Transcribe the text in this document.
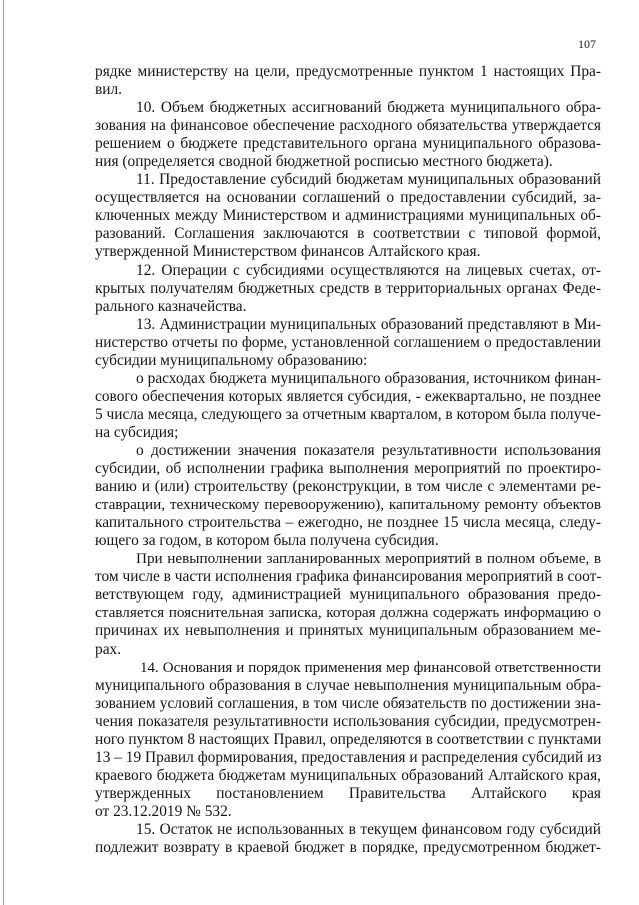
107
рядке министерству на цели, предусмотренные пунктом 1 настоящих Пра-
вил.
10. Объем бюджетных ассигнований бюджета муниципального обра-
зования на финансовое обеспечение расходного обязательства утверждается
решением о бюджете представительного органа муниципального образова-
ния (определяется сводной бюджетной росписью местного бюджета).
11. Предоставление субсидий бюджетам муниципальных образований
осуществляется на основании соглашений о предоставлении субсидий, за-
ключенных между Министерством и администрациями муниципальных об-
разований. Соглашения заключаются в соответствии с типовой формой,
утвержденной Министерством финансов Алтайского края.
12. Операции с субсидиями осуществляются на лицевых счетах, от-
крытых получателям бюджетных средств в территориальных органах Феде-
рального казначейства.
13. Администрации муниципальных образований представляют в Ми-
нистерство отчеты по форме, установленной соглашением о предоставлении
субсидии муниципальному образованию:
о расходах бюджета муниципального образования, источником финан-
сового обеспечения которых является субсидия, - ежеквартально, не позднее
5 числа месяца, следующего за отчетным кварталом, в котором была получе-
на субсидия;
о достижении значения показателя результативности использования
субсидии, об исполнении графика выполнения мероприятий по проектиро-
ванию и (или) строительству (реконструкции, в том числе с элементами ре-
ставрации, техническому перевооружению), капитальному ремонту объектов
капитального строительства – ежегодно, не позднее 15 числа месяца, следу-
ющего за годом, в котором была получена субсидия.
При невыполнении запланированных мероприятий в полном объеме, в
том числе в части исполнения графика финансирования мероприятий в соот-
ветствующем году, администрацией муниципального образования предо-
ставляется пояснительная записка, которая должна содержать информацию о
причинах их невыполнения и принятых муниципальным образованием ме-
рах.
14. Основания и порядок применения мер финансовой ответственности
муниципального образования в случае невыполнения муниципальным обра-
зованием условий соглашения, в том числе обязательств по достижении зна-
чения показателя результативности использования субсидии, предусмотрен-
ного пунктом 8 настоящих Правил, определяются в соответствии с пунктами
13 – 19 Правил формирования, предоставления и распределения субсидий из
краевого бюджета бюджетам муниципальных образований Алтайского края,
утвержденных постановлением Правительства Алтайского края
от 23.12.2019 № 532.
15. Остаток не использованных в текущем финансовом году субсидий
подлежит возврату в краевой бюджет в порядке, предусмотренном бюджет-
